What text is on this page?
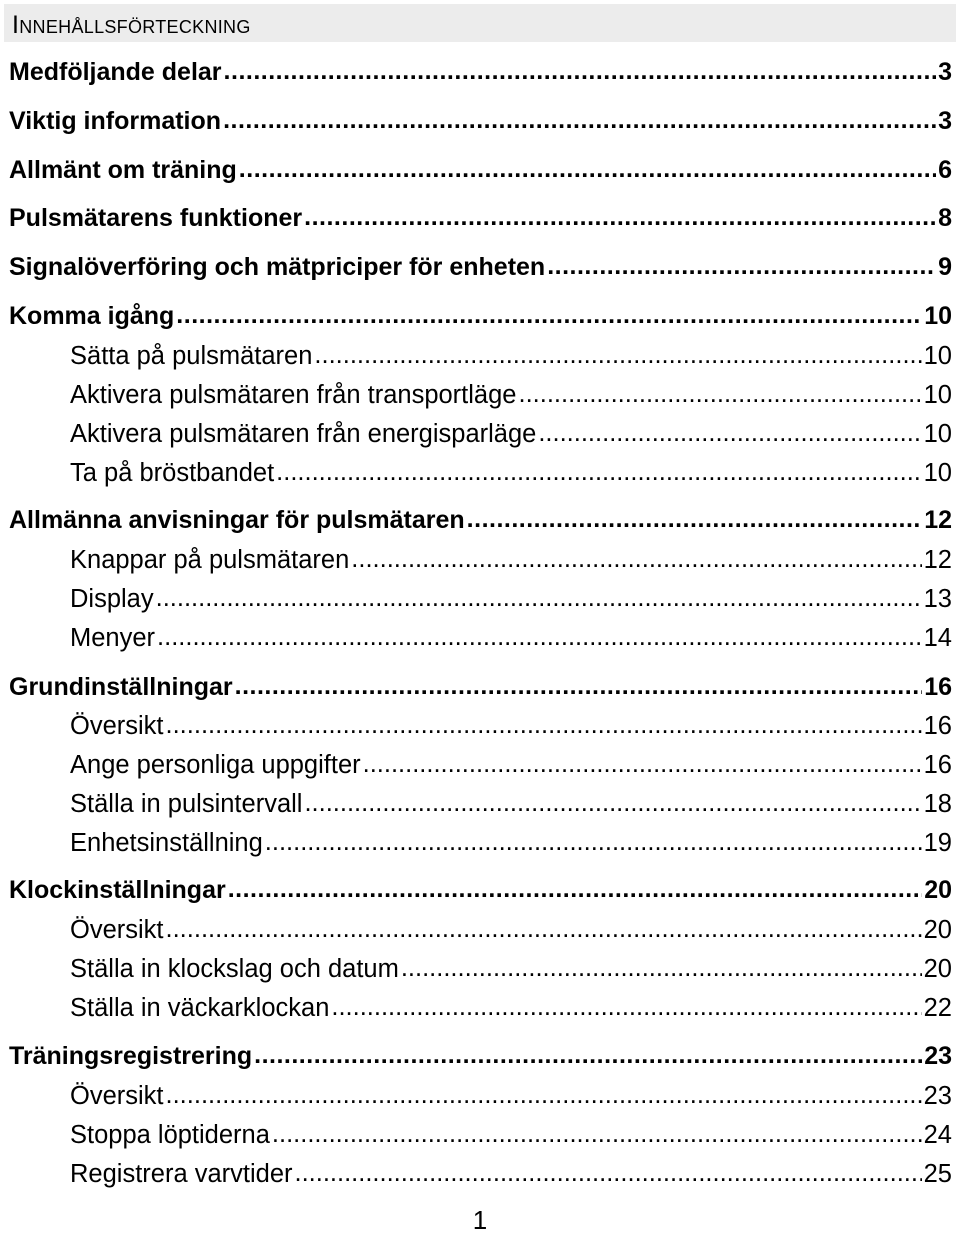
Innehållsförteckning
Medföljande delar .....	3
Viktig information .....	3
Allmänt om träning .....	6
Pulsmätarens funktioner .....	8
Signalöverföring och mätpriciper för enheten .....	9
Komma igång .....	10
Sätta på pulsmätaren .....	10
Aktivera pulsmätaren från transportläge .....	10
Aktivera pulsmätaren från energisparläge .....	10
Ta på bröstbandet .....	10
Allmänna anvisningar för pulsmätaren .....	12
Knappar på pulsmätaren .....	12
Display .....	13
Menyer .....	14
Grundinställningar .....	16
Översikt .....	16
Ange personliga uppgifter .....	16
Ställa in pulsintervall .....	18
Enhetsinställning .....	19
Klockinställningar .....	20
Översikt .....	20
Ställa in klockslag och datum .....	20
Ställa in väckarklockan .....	22
Träningsregistrering .....	23
Översikt .....	23
Stoppa löptiderna .....	24
Registrera varvtider .....	25
1
